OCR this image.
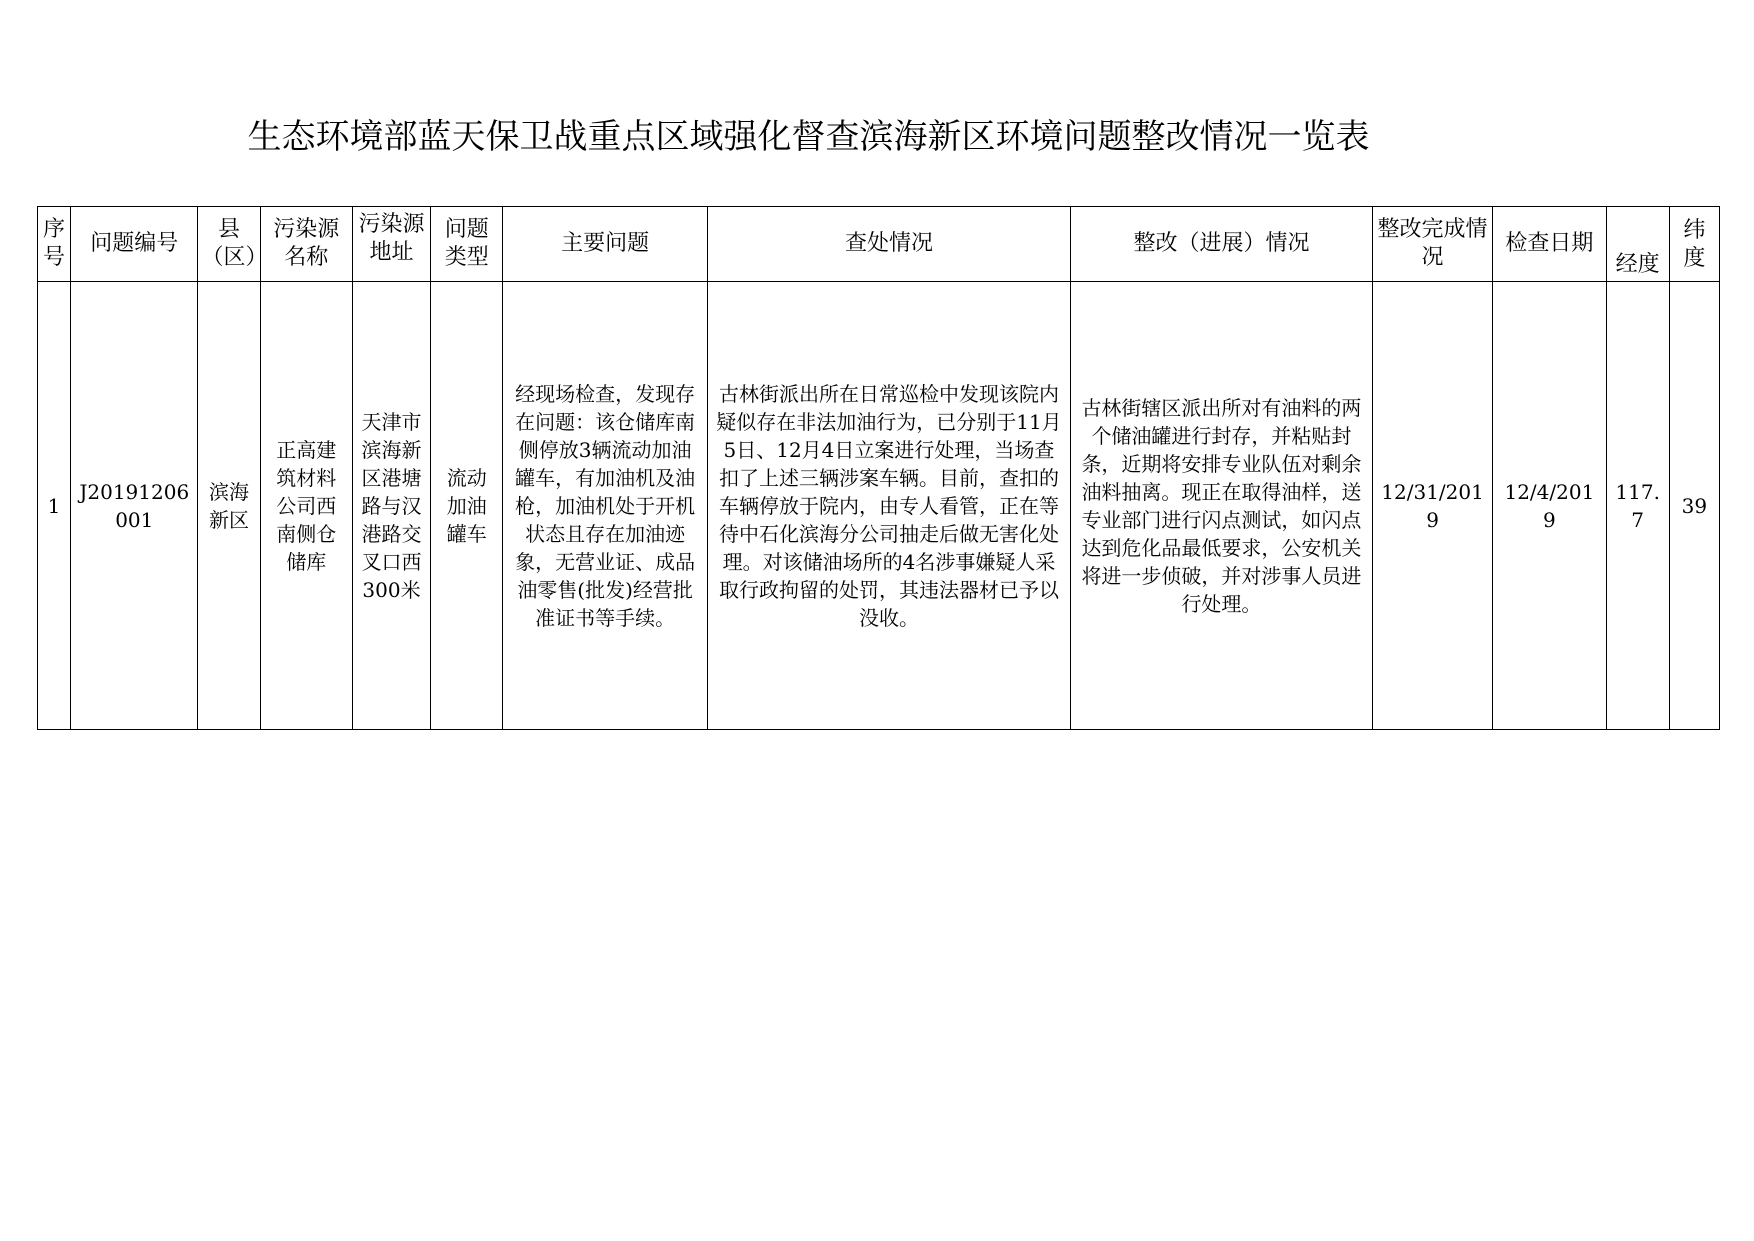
生态环境部蓝天保卫战重点区域强化督查滨海新区环境问题整改情况一览表
序号	问题编号	县（区）	污染源名称	污染源地址	问题类型	主要问题	查处情况	整改（进展）情况	整改完成情况	检查日期	经度	纬度

1	J20191206001	滨海新区	正高建筑材料公司西南侧仓储库	天津市滨海新区港塘路与汉港路交叉口西300米	流动加油罐车	经现场检查，发现存在问题：该仓储库南侧停放3辆流动加油罐车，有加油机及油枪，加油机处于开机状态且存在加油迹象，无营业证、成品油零售(批发)经营批准证书等手续。	古林街派出所在日常巡检中发现该院内疑似存在非法加油行为，已分别于11月5日、12月4日立案进行处理，当场查扣了上述三辆涉案车辆。目前，查扣的车辆停放于院内，由专人看管，正在等待中石化滨海分公司抽走后做无害化处理。对该储油场所的4名涉事嫌疑人采取行政拘留的处罚，其违法器材已予以没收。	古林街辖区派出所对有油料的两个储油罐进行封存，并粘贴封条，近期将安排专业队伍对剩余油料抽离。现正在取得油样，送专业部门进行闪点测试，如闪点达到危化品最低要求，公安机关将进一步侦破，并对涉事人员进行处理。	12/31/2019	12/4/2019	117.7	39
